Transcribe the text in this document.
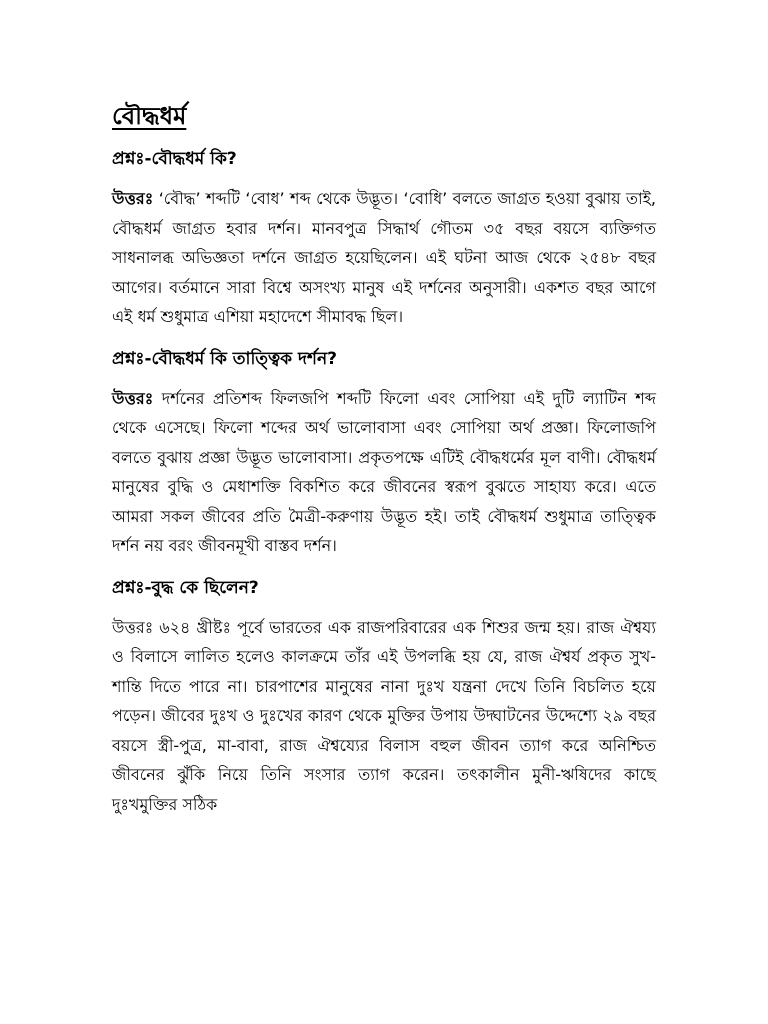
বৌদ্ধধর্ম
প্রশ্নঃ-বৌদ্ধধর্ম কি?

উত্তরঃ ‘বৌদ্ধ’ শব্দটি ‘বোধ’ শব্দ থেকে উদ্ভূত। ‘বোধি’ বলতে জাগ্রত হওয়া বুঝায় তাই, বৌদ্ধধর্ম জাগ্রত হবার দর্শন। মানবপুত্র সিদ্ধার্থ গৌতম ৩৫ বছর বয়সে ব্যক্তিগত সাধনালব্ধ অভিজ্ঞতা দর্শনে জাগ্রত হয়েছিলেন। এই ঘটনা আজ থেকে ২৫৪৮ বছর আগের। বর্তমানে সারা বিশ্বে অসংখ্য মানুষ এই দর্শনের অনুসারী। একশত বছর আগে এই ধর্ম শুধুমাত্র এশিয়া মহাদেশে সীমাবদ্ধ ছিল।

প্রশ্নঃ-বৌদ্ধধর্ম কি তাত্ত্বিক দর্শন?

উত্তরঃ দর্শনের প্রতিশব্দ ফিলজপি শব্দটি ফিলো এবং সোপিয়া এই দুটি ল্যাটিন শব্দ থেকে এসেছে। ফিলো শব্দের অর্থ ভালোবাসা এবং সোপিয়া অর্থ প্রজ্ঞা। ফিলোজপি বলতে বুঝায় প্রজ্ঞা উদ্ভূত ভালোবাসা। প্রকৃতপক্ষে এটিই বৌদ্ধধর্মের মূল বাণী। বৌদ্ধধর্ম মানুষের বুদ্ধি ও মেধাশক্তি বিকশিত করে জীবনের স্বরূপ বুঝতে সাহায্য করে। এতে আমরা সকল জীবের প্রতি মৈত্রী-করুণায় উদ্ভূত হই। তাই বৌদ্ধধর্ম শুধুমাত্র তাত্ত্বিক দর্শন নয় বরং জীবনমূখী বাস্তব দর্শন।

প্রশ্নঃ-বুদ্ধ কে ছিলেন?

উত্তরঃ ৬২৪ খ্রীষ্টঃ পূর্বে ভারতের এক রাজপরিবারের এক শিশুর জন্ম হয়। রাজ ঐশ্বয্য ও বিলাসে লালিত হলেও কালক্রমে তাঁর এই উপলব্ধি হয় যে, রাজ ঐশ্বর্য প্রকৃত সুখ-শান্তি দিতে পারে না। চারপাশের মানুষের নানা দুঃখ যন্ত্রনা দেখে তিনি বিচলিত হয়ে পড়েন। জীবের দুঃখ ও দুঃখের কারণ থেকে মুক্তির উপায় উদ্ঘাটনের উদ্দেশ্যে ২৯ বছর বয়সে স্ত্রী-পুত্র, মা-বাবা, রাজ ঐশ্বয্যের বিলাস বহুল জীবন ত্যাগ করে অনিশ্চিত জীবনের ঝুঁকি নিয়ে তিনি সংসার ত্যাগ করেন। তৎকালীন মুনী-ঋষিদের কাছে দুঃখমুক্তির সঠিক
